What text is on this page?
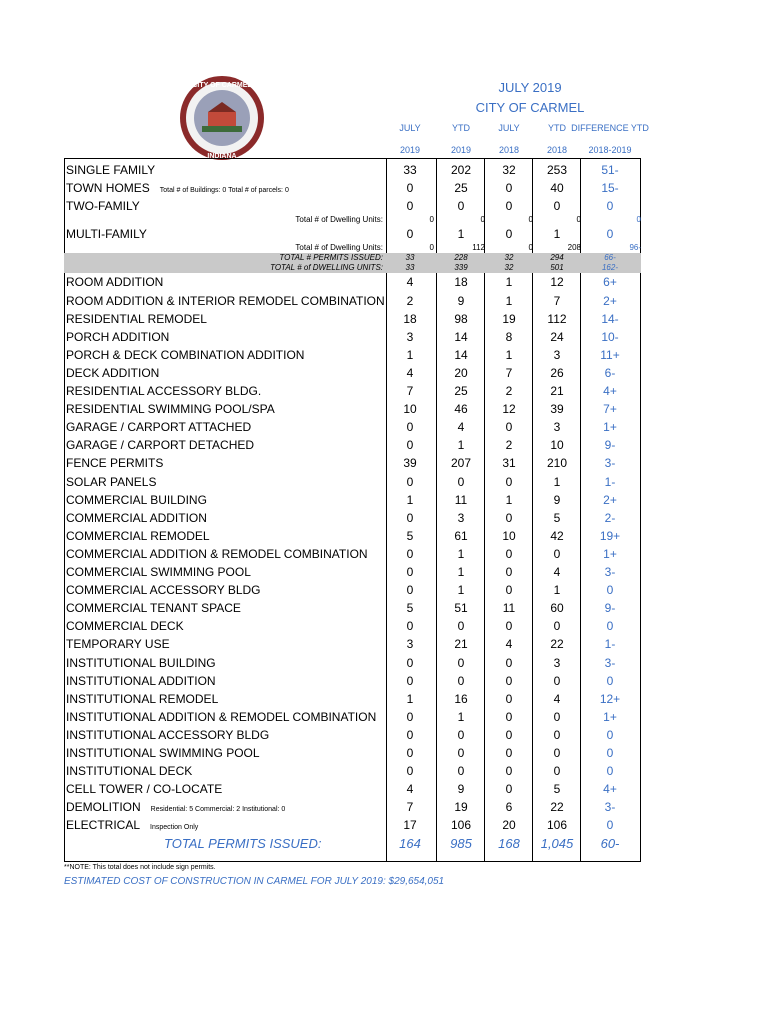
CITY OF CARMEL
INDIANA
JULY 2019
CITY OF CARMEL
JULY
2019
YTD
2019
JULY
2018
YTD
2018
DIFFERENCE YTD
2018-2019
SINGLE FAMILY	33	202	32	253	51-
TOWN HOMES Total # of Buildings: 0 Total # of parcels: 0	0	25	0	40	15-
TWO-FAMILY	0	0	0	0	0
Total # of Dwelling Units:	0	0	0	0	0
MULTI-FAMILY	0	1	0	1	0
Total # of Dwelling Units:	0	112	0	208	96-
TOTAL # PERMITS ISSUED:	33	228	32	294	66-
TOTAL # of DWELLING UNITS:	33	339	32	501	162-
ROOM ADDITION	4	18	1	12	6+
ROOM ADDITION & INTERIOR REMODEL COMBINATION	2	9	1	7	2+
RESIDENTIAL REMODEL	18	98	19	112	14-
PORCH ADDITION	3	14	8	24	10-
PORCH & DECK COMBINATION ADDITION	1	14	1	3	11+
DECK ADDITION	4	20	7	26	6-
RESIDENTIAL ACCESSORY BLDG.	7	25	2	21	4+
RESIDENTIAL SWIMMING POOL/SPA	10	46	12	39	7+
GARAGE / CARPORT ATTACHED	0	4	0	3	1+
GARAGE / CARPORT DETACHED	0	1	2	10	9-
FENCE PERMITS	39	207	31	210	3-
SOLAR PANELS	0	0	0	1	1-
COMMERCIAL BUILDING	1	11	1	9	2+
COMMERCIAL ADDITION	0	3	0	5	2-
COMMERCIAL REMODEL	5	61	10	42	19+
COMMERCIAL ADDITION & REMODEL COMBINATION	0	1	0	0	1+
COMMERCIAL SWIMMING POOL	0	1	0	4	3-
COMMERCIAL ACCESSORY BLDG	0	1	0	1	0
COMMERCIAL TENANT SPACE	5	51	11	60	9-
COMMERCIAL DECK	0	0	0	0	0
TEMPORARY USE	3	21	4	22	1-
INSTITUTIONAL BUILDING	0	0	0	3	3-
INSTITUTIONAL ADDITION	0	0	0	0	0
INSTITUTIONAL REMODEL	1	16	0	4	12+
INSTITUTIONAL ADDITION & REMODEL COMBINATION	0	1	0	0	1+
INSTITUTIONAL ACCESSORY BLDG	0	0	0	0	0
INSTITUTIONAL SWIMMING POOL	0	0	0	0	0
INSTITUTIONAL DECK	0	0	0	0	0
CELL TOWER / CO-LOCATE	4	9	0	5	4+
DEMOLITION Residential: 5 Commercial: 2 Institutional: 0	7	19	6	22	3-
ELECTRICAL Inspection Only	17	106	20	106	0
TOTAL PERMITS ISSUED:	164	985	168	1,045	60-
**NOTE: This total does not include sign permits.
ESTIMATED COST OF CONSTRUCTION IN CARMEL FOR JULY 2019: $29,654,051
